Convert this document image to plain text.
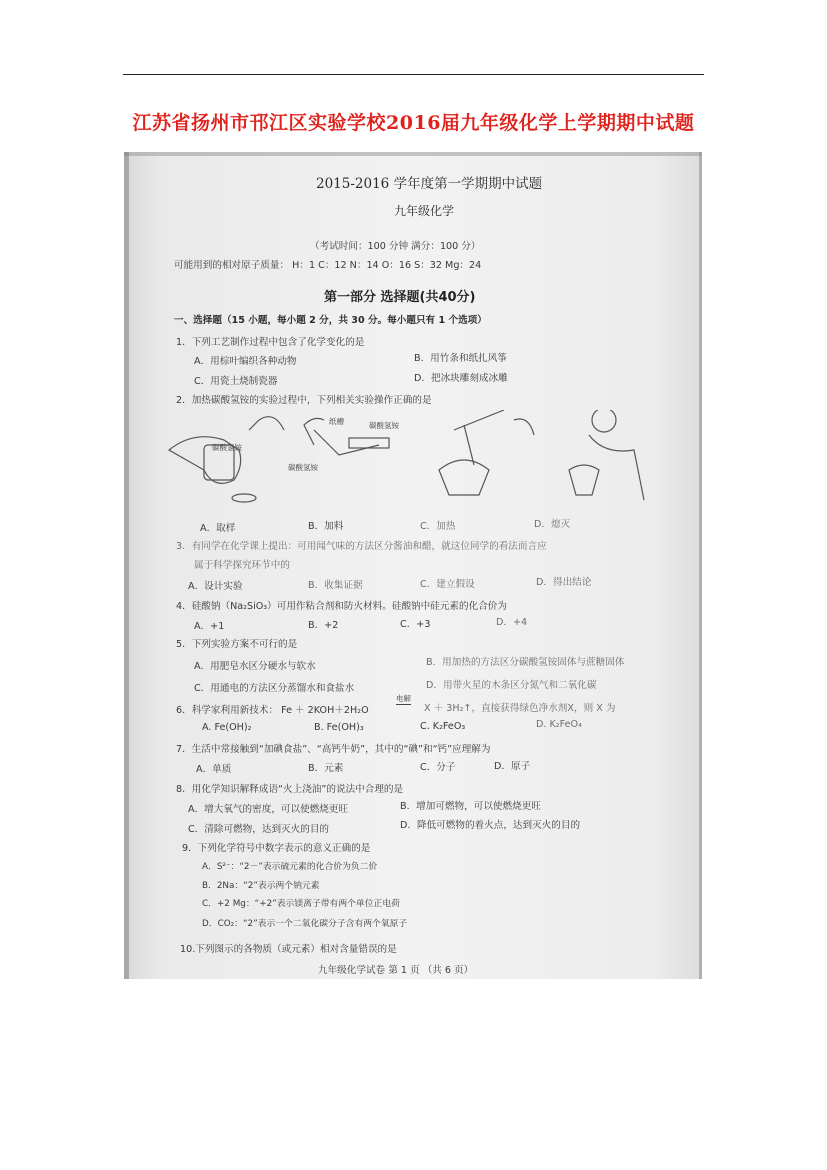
江苏省扬州市邗江区实验学校2016届九年级化学上学期期中试题
2015-2016 学年度第一学期期中试题
九年级化学
（考试时间：100 分钟 满分：100 分）
可能用到的相对原子质量： H：1 C：12 N：14 O：16 S：32 Mg：24
第一部分 选择题(共40分)
一、选择题（15 小题，每小题 2 分，共 30 分。每小题只有 1 个选项）
1．下列工艺制作过程中包含了化学变化的是
A．用棕叶编织各种动物	B．用竹条和纸扎风筝
C．用瓷土烧制瓷器	D．把冰块雕刻成冰雕
2．加热碳酸氢铵的实验过程中，下列相关实验操作正确的是
碳酸氢铵
碳酸氢铵
纸槽	碳酸氢铵
A．取样	B．加料	C．加热	D．熄灭
3．有同学在化学课上提出：可用闻气味的方法区分酱油和醋，就这位同学的看法而言应
属于科学探究环节中的
A．设计实验	B．收集证据	C．建立假设	D．得出结论
4．硅酸钠（Na₂SiO₃）可用作粘合剂和防火材料。硅酸钠中硅元素的化合价为
A．+1	B．+2	C．+3	D．+4
5．下列实验方案不可行的是
A．用肥皂水区分硬水与软水	B．用加热的方法区分碳酸氢铵固体与蔗糖固体
C．用通电的方法区分蒸馏水和食盐水	D．用带火星的木条区分氮气和二氧化碳
6．科学家利用新技术： Fe ＋ 2KOH＋2H₂O
电解
X ＋ 3H₂↑，直接获得绿色净水剂X，则 X 为
A. Fe(OH)₂	B. Fe(OH)₃	C. K₂FeO₃	D. K₂FeO₄
7．生活中常接触到“加碘食盐”、“高钙牛奶”，其中的“碘”和“钙”应理解为
A．单质	B．元素	C．分子	D．原子
8．用化学知识解释成语“火上浇油”的说法中合理的是
A．增大氧气的密度，可以使燃烧更旺	B．增加可燃物，可以使燃烧更旺
C．清除可燃物，达到灭火的目的	D．降低可燃物的着火点，达到灭火的目的
9．下列化学符号中数字表示的意义正确的是
A．S²⁻：“2－”表示硫元素的化合价为负二价
B．2Na：“2”表示两个钠元素
C．+2 Mg：“+2”表示镁离子带有两个单位正电荷
D．CO₂：“2”表示一个二氧化碳分子含有两个氧原子
10.下列图示的各物质（或元素）相对含量错误的是
九年级化学试卷 第 1 页 （共 6 页）
